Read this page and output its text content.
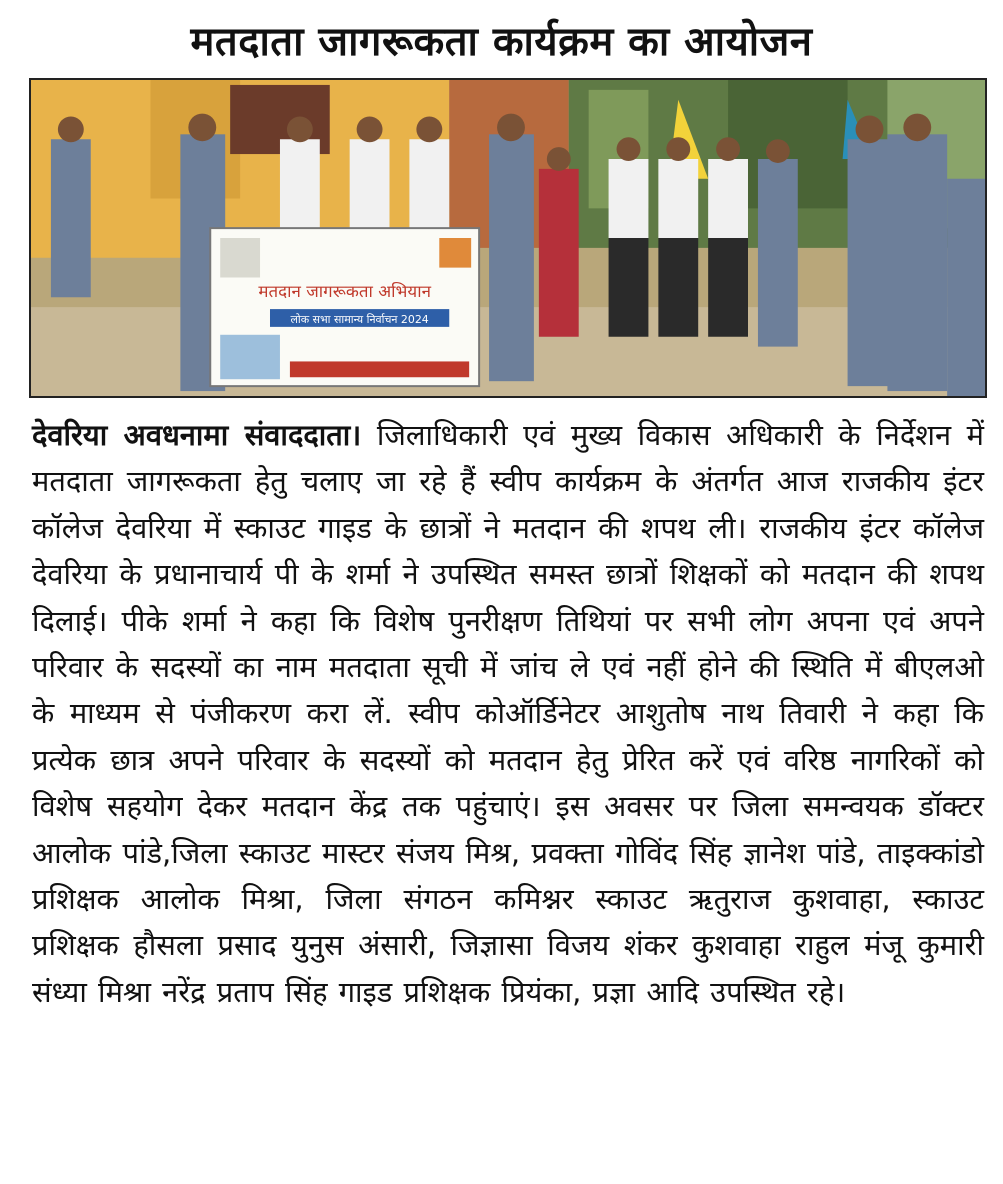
मतदाता जागरूकता कार्यक्रम का आयोजन
मतदान जागरूकता अभियान
लोक सभा सामान्य निर्वाचन 2024
देवरिया अवधनामा संवाददाता। जिलाधिकारी एवं मुख्य विकास अधिकारी के निर्देशन में मतदाता जागरूकता हेतु चलाए जा रहे हैं स्वीप कार्यक्रम के अंतर्गत आज राजकीय इंटर कॉलेज देवरिया में स्काउट गाइड के छात्रों ने मतदान की शपथ ली। राजकीय इंटर कॉलेज देवरिया के प्रधानाचार्य पी के शर्मा ने उपस्थित समस्त छात्रों शिक्षकों को मतदान की शपथ दिलाई। पीके शर्मा ने कहा कि विशेष पुनरीक्षण तिथियां पर सभी लोग अपना एवं अपने परिवार के सदस्यों का नाम मतदाता सूची में जांच ले एवं नहीं होने की स्थिति में बीएलओ के माध्यम से पंजीकरण करा लें. स्वीप कोऑर्डिनेटर आशुतोष नाथ तिवारी ने कहा कि प्रत्येक छात्र अपने परिवार के सदस्यों को मतदान हेतु प्रेरित करें एवं वरिष्ठ नागरिकों को विशेष सहयोग देकर मतदान केंद्र तक पहुंचाएं। इस अवसर पर जिला समन्वयक डॉक्टर आलोक पांडे,जिला स्काउट मास्टर संजय मिश्र, प्रवक्ता गोविंद सिंह ज्ञानेश पांडे, ताइक्कांडो प्रशिक्षक आलोक मिश्रा, जिला संगठन कमिश्नर स्काउट ऋतुराज कुशवाहा, स्काउट प्रशिक्षक हौसला प्रसाद युनुस अंसारी, जिज्ञासा विजय शंकर कुशवाहा राहुल मंजू कुमारी संध्या मिश्रा नरेंद्र प्रताप सिंह गाइड प्रशिक्षक प्रियंका, प्रज्ञा आदि उपस्थित रहे।
